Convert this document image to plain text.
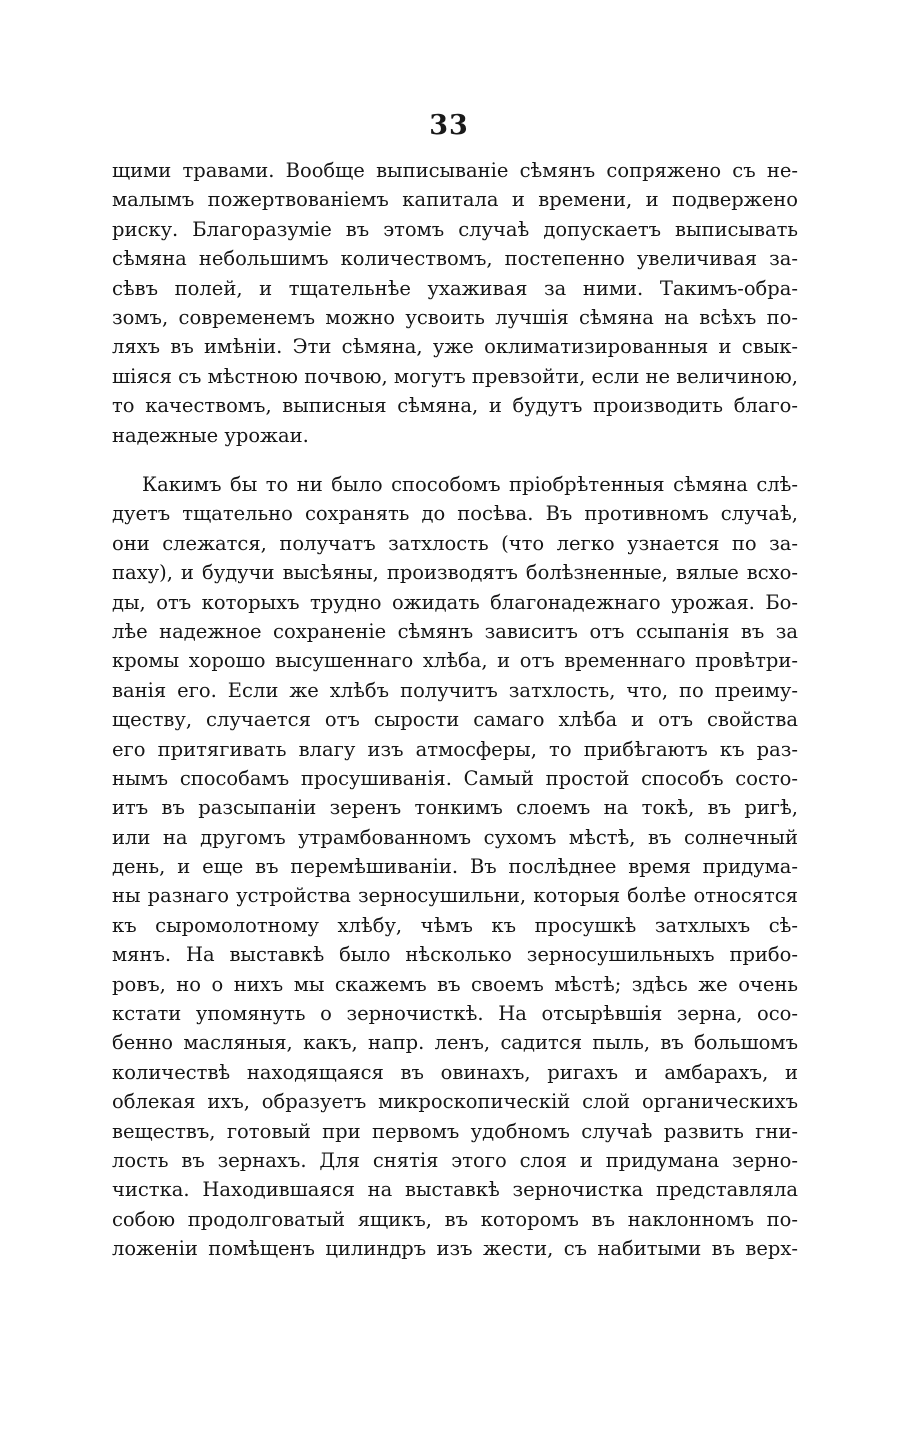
33
щими травами. Вообще выписыванiе сѣмянъ сопряжено съ не-
малымъ пожертвованiемъ капитала и времени, и подвержено
риску. Благоразумiе въ этомъ случаѣ допускаетъ выписывать
сѣмяна небольшимъ количествомъ, постепенно увеличивая за-
сѣвъ полей, и тщательнѣе ухаживая за ними. Такимъ-обра-
зомъ, современемъ можно усвоить лучшiя сѣмяна на всѣхъ по-
ляхъ въ имѣнiи. Эти сѣмяна, уже оклиматизированныя и свык-
шiяся съ мѣстною почвою, могутъ превзойти, если не величиною,
то качествомъ, выписныя сѣмяна, и будутъ производить благо-
надежные урожаи.
Какимъ бы то ни было способомъ прiобрѣтенныя сѣмяна слѣ-
дуетъ тщательно сохранять до посѣва. Въ противномъ случаѣ,
они слежатся, получатъ затхлость (что легко узнается по за-
паху), и будучи высѣяны, производятъ болѣзненные, вялые всхо-
ды, отъ которыхъ трудно ожидать благонадежнаго урожая. Бо-
лѣе надежное сохраненiе сѣмянъ зависитъ отъ ссыпанiя въ за
кромы хорошо высушеннаго хлѣба, и отъ временнаго провѣтри-
ванiя его. Если же хлѣбъ получитъ затхлость, что, по преиму-
ществу, случается отъ сырости самаго хлѣба и отъ свойства
его притягивать влагу изъ атмосферы, то прибѣгаютъ къ раз-
нымъ способамъ просушиванiя. Самый простой способъ состо-
итъ въ разсыпанiи зеренъ тонкимъ слоемъ на токѣ, въ ригѣ,
или на другомъ утрамбованномъ сухомъ мѣстѣ, въ солнечный
день, и еще въ перемѣшиванiи. Въ послѣднее время придума-
ны разнаго устройства зерносушильни, которыя болѣе относятся
къ сыромолотному хлѣбу, чѣмъ къ просушкѣ затхлыхъ сѣ-
мянъ. На выставкѣ было нѣсколько зерносушильныхъ прибо-
ровъ, но о нихъ мы скажемъ въ своемъ мѣстѣ; здѣсь же очень
кстати упомянуть о зерночисткѣ. На отсырѣвшiя зерна, осо-
бенно масляныя, какъ, напр. ленъ, садится пыль, въ большомъ
количествѣ находящаяся въ овинахъ, ригахъ и амбарахъ, и
облекая ихъ, образуетъ микроскопическiй слой органическихъ
веществъ, готовый при первомъ удобномъ случаѣ развить гни-
лость въ зернахъ. Для снятiя этого слоя и придумана зерно-
чистка. Находившаяся на выставкѣ зерночистка представляла
собою продолговатый ящикъ, въ которомъ въ наклонномъ по-
ложенiи помѣщенъ цилиндръ изъ жести, съ набитыми въ верх-
